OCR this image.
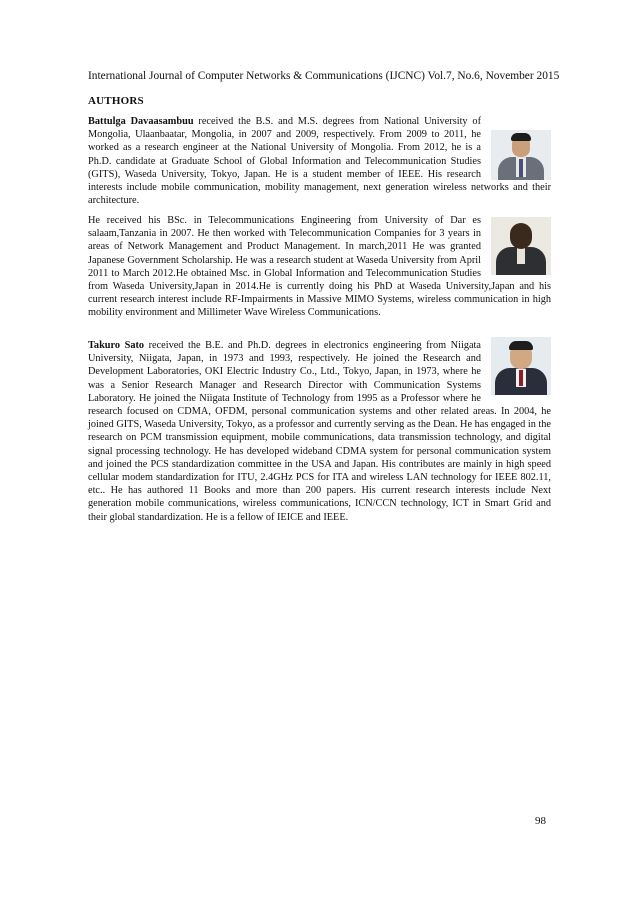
International Journal of Computer Networks & Communications (IJCNC) Vol.7, No.6, November 2015
AUTHORS
Battulga Davaasambuu received the B.S. and M.S. degrees from National University of Mongolia, Ulaanbaatar, Mongolia, in 2007 and 2009, respectively. From 2009 to 2011, he worked as a research engineer at the National University of Mongolia. From 2012, he is a Ph.D. candidate at Graduate School of Global Information and Telecommunication Studies (GITS), Waseda University, Tokyo, Japan. He is a student member of IEEE. His research interests include mobile communication, mobility management, next generation wireless networks and their architecture.
He received his BSc. in Telecommunications Engineering from University of Dar es salaam,Tanzania in 2007. He then worked with Telecommunication Companies for 3 years in areas of Network Management and Product Management. In march,2011 He was granted Japanese Government Scholarship. He was a research student at Waseda University from April 2011 to March 2012.He obtained Msc. in Global Information and Telecommunication Studies from Waseda University,Japan in 2014.He is currently doing his PhD at Waseda University,Japan and his current research interest include RF-Impairments in Massive MIMO Systems, wireless communication in high mobility environment and Millimeter Wave Wireless Communications.
Takuro Sato received the B.E. and Ph.D. degrees in electronics engineering from Niigata University, Niigata, Japan, in 1973 and 1993, respectively. He joined the Research and Development Laboratories, OKI Electric Industry Co., Ltd., Tokyo, Japan, in 1973, where he was a Senior Research Manager and Research Director with Communication Systems Laboratory. He joined the Niigata Institute of Technology from 1995 as a Professor where he research focused on CDMA, OFDM, personal communication systems and other related areas. In 2004, he joined GITS, Waseda University, Tokyo, as a professor and currently serving as the Dean. He has engaged in the research on PCM transmission equipment, mobile communications, data transmission technology, and digital signal processing technology. He has developed wideband CDMA system for personal communication system and joined the PCS standardization committee in the USA and Japan. His contributes are mainly in high speed cellular modem standardization for ITU, 2.4GHz PCS for ITA and wireless LAN technology for IEEE 802.11, etc.. He has authored 11 Books and more than 200 papers. His current research interests include Next generation mobile communications, wireless communications, ICN/CCN technology, ICT in Smart Grid and their global standardization. He is a fellow of IEICE and IEEE.
98
